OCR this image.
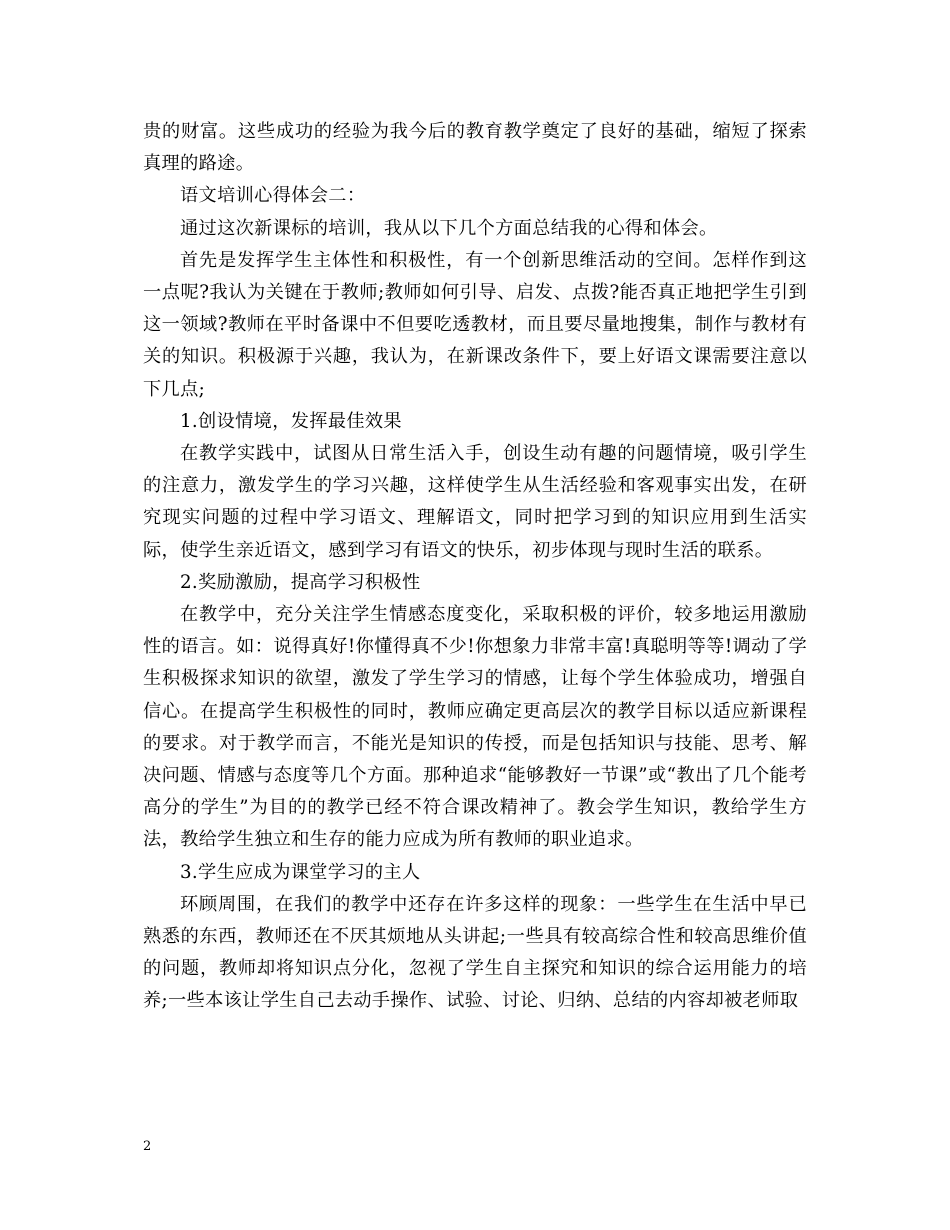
贵的财富。这些成功的经验为我今后的教育教学奠定了良好的基础，缩短了探索真理的路途。

语文培训心得体会二：

通过这次新课标的培训，我从以下几个方面总结我的心得和体会。

首先是发挥学生主体性和积极性，有一个创新思维活动的空间。怎样作到这一点呢?我认为关键在于教师;教师如何引导、启发、点拨?能否真正地把学生引到这一领域?教师在平时备课中不但要吃透教材，而且要尽量地搜集，制作与教材有关的知识。积极源于兴趣，我认为，在新课改条件下，要上好语文课需要注意以下几点;

1.创设情境，发挥最佳效果

在教学实践中，试图从日常生活入手，创设生动有趣的问题情境，吸引学生的注意力，激发学生的学习兴趣，这样使学生从生活经验和客观事实出发，在研究现实问题的过程中学习语文、理解语文，同时把学习到的知识应用到生活实际，使学生亲近语文，感到学习有语文的快乐，初步体现与现时生活的联系。

2.奖励激励，提高学习积极性

在教学中，充分关注学生情感态度变化，采取积极的评价，较多地运用激励性的语言。如：说得真好!你懂得真不少!你想象力非常丰富!真聪明等等!调动了学生积极探求知识的欲望，激发了学生学习的情感，让每个学生体验成功，增强自信心。在提高学生积极性的同时，教师应确定更高层次的教学目标以适应新课程的要求。对于教学而言，不能光是知识的传授，而是包括知识与技能、思考、解决问题、情感与态度等几个方面。那种追求“能够教好一节课”或“教出了几个能考高分的学生”为目的的教学已经不符合课改精神了。教会学生知识，教给学生方法，教给学生独立和生存的能力应成为所有教师的职业追求。

3.学生应成为课堂学习的主人

环顾周围，在我们的教学中还存在许多这样的现象：一些学生在生活中早已熟悉的东西，教师还在不厌其烦地从头讲起;一些具有较高综合性和较高思维价值的问题，教师却将知识点分化，忽视了学生自主探究和知识的综合运用能力的培养;一些本该让学生自己去动手操作、试验、讨论、归纳、总结的内容却被老师取

2
